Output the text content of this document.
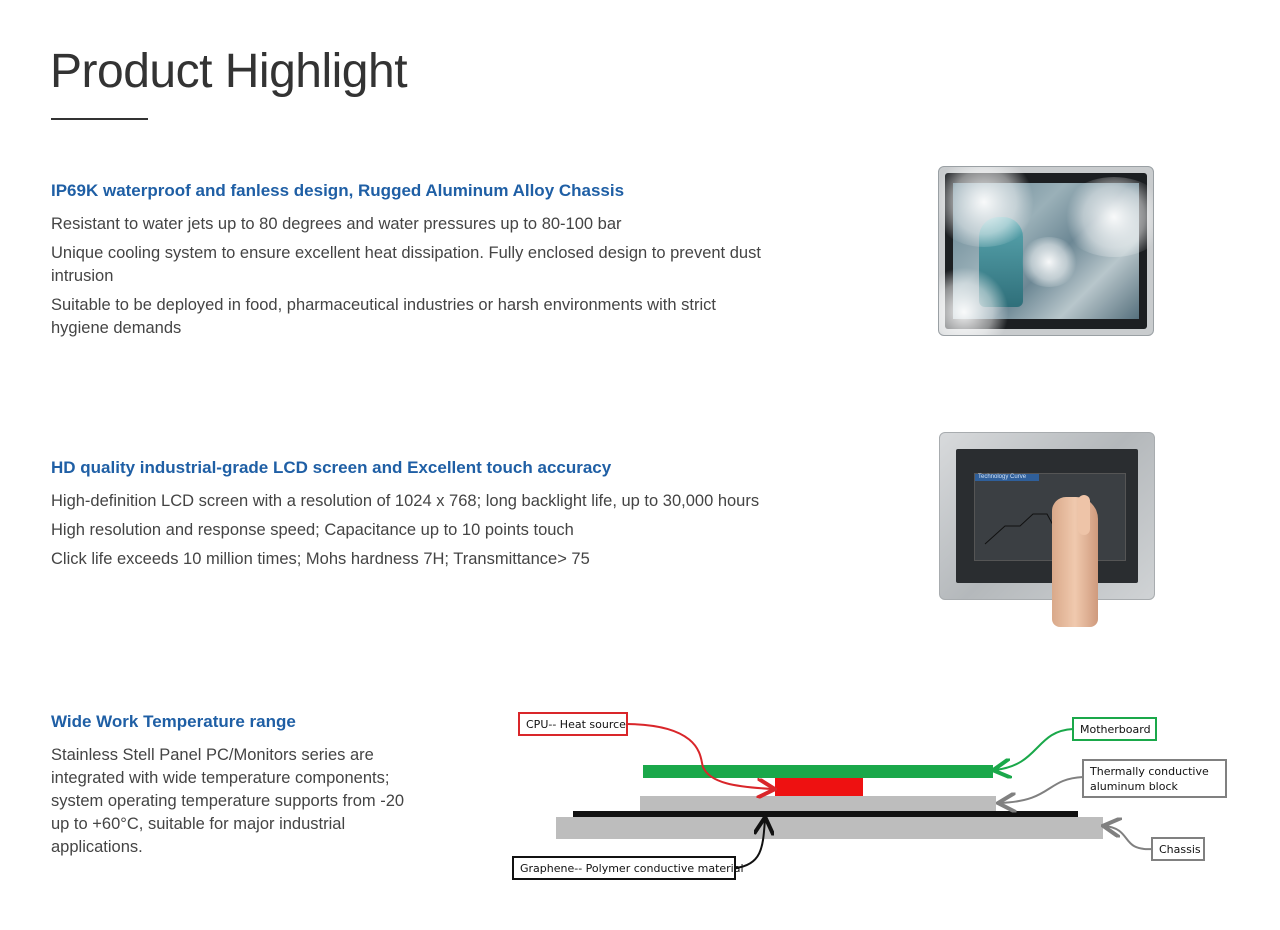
Product Highlight
IP69K waterproof and fanless design, Rugged Aluminum Alloy Chassis
Resistant to water jets up to 80 degrees and water pressures up to 80-100 bar
Unique cooling system to ensure excellent heat dissipation. Fully enclosed design to prevent dust intrusion
Suitable to be deployed in food, pharmaceutical industries or harsh environments with strict hygiene demands
HD quality industrial-grade LCD screen and Excellent touch accuracy
High-definition LCD screen with a resolution of 1024 x 768; long backlight life, up to 30,000 hours
High resolution and response speed; Capacitance up to 10 points touch
Click life exceeds 10 million times; Mohs hardness 7H; Transmittance> 75
Technology Curve
Wide Work Temperature range

Stainless Stell Panel PC/Monitors series are integrated with wide temperature components; system operating temperature supports from -20 up to +60°C, suitable for major industrial applications.

CPU-- Heat source	Motherboard
Thermally conductive
aluminum block
Chassis
Graphene-- Polymer conductive material
